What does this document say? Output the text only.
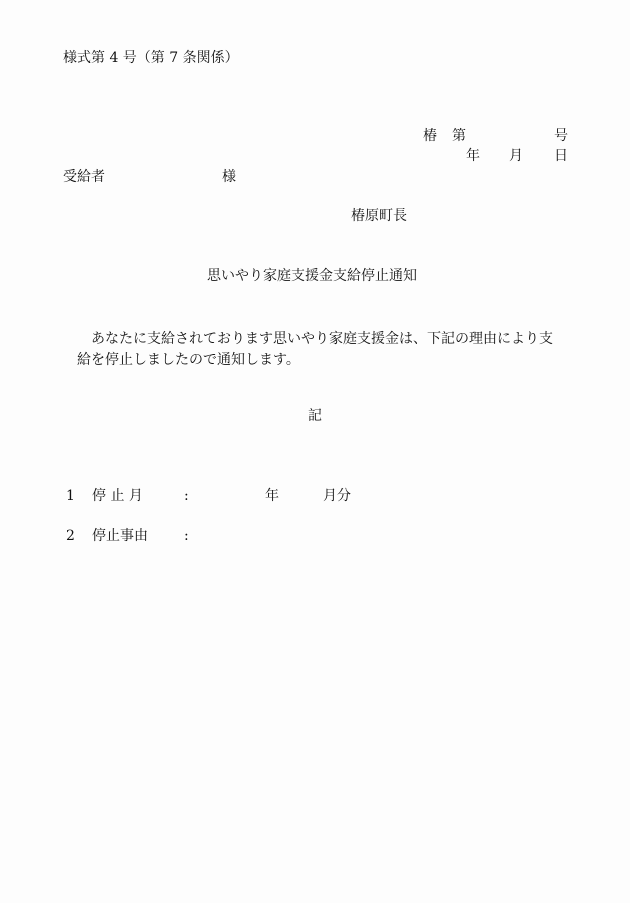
様式第 4 号（第 7 条関係）
椿 第	号
年 月 日
受給者	様
椿原町長
思いやり家庭支援金支給停止通知
あなたに支給されております思いやり家庭支援金は、下記の理由により支
給を停止しましたので通知します。
記
1 停 止 月	:	年	月分
2 停止事由	:
